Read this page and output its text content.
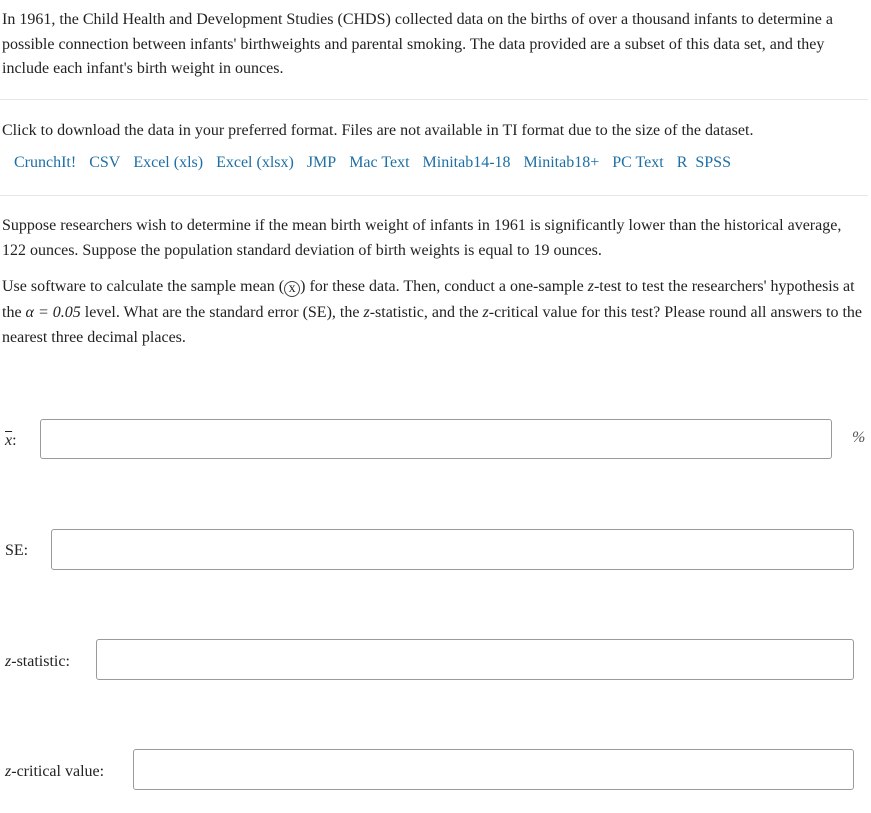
In 1961, the Child Health and Development Studies (CHDS) collected data on the births of over a thousand infants to determine a possible connection between infants' birthweights and parental smoking. The data provided are a subset of this data set, and they include each infant's birth weight in ounces.

Click to download the data in your preferred format. Files are not available in TI format due to the size of the dataset.

CrunchIt! CSV Excel (xls) Excel (xlsx) JMP Mac Text Minitab14-18 Minitab18+ PC Text R SPSS

Suppose researchers wish to determine if the mean birth weight of infants in 1961 is significantly lower than the historical average, 122 ounces. Suppose the population standard deviation of birth weights is equal to 19 ounces.

Use software to calculate the sample mean ( x ) for these data. Then, conduct a one-sample z-test to test the researchers' hypothesis at the α = 0.05 level. What are the standard error (SE), the z-statistic, and the z-critical value for this test? Please round all answers to the nearest three decimal places.

$\overline{x}$:	%
SE:
z-statistic:
z-critical value:
